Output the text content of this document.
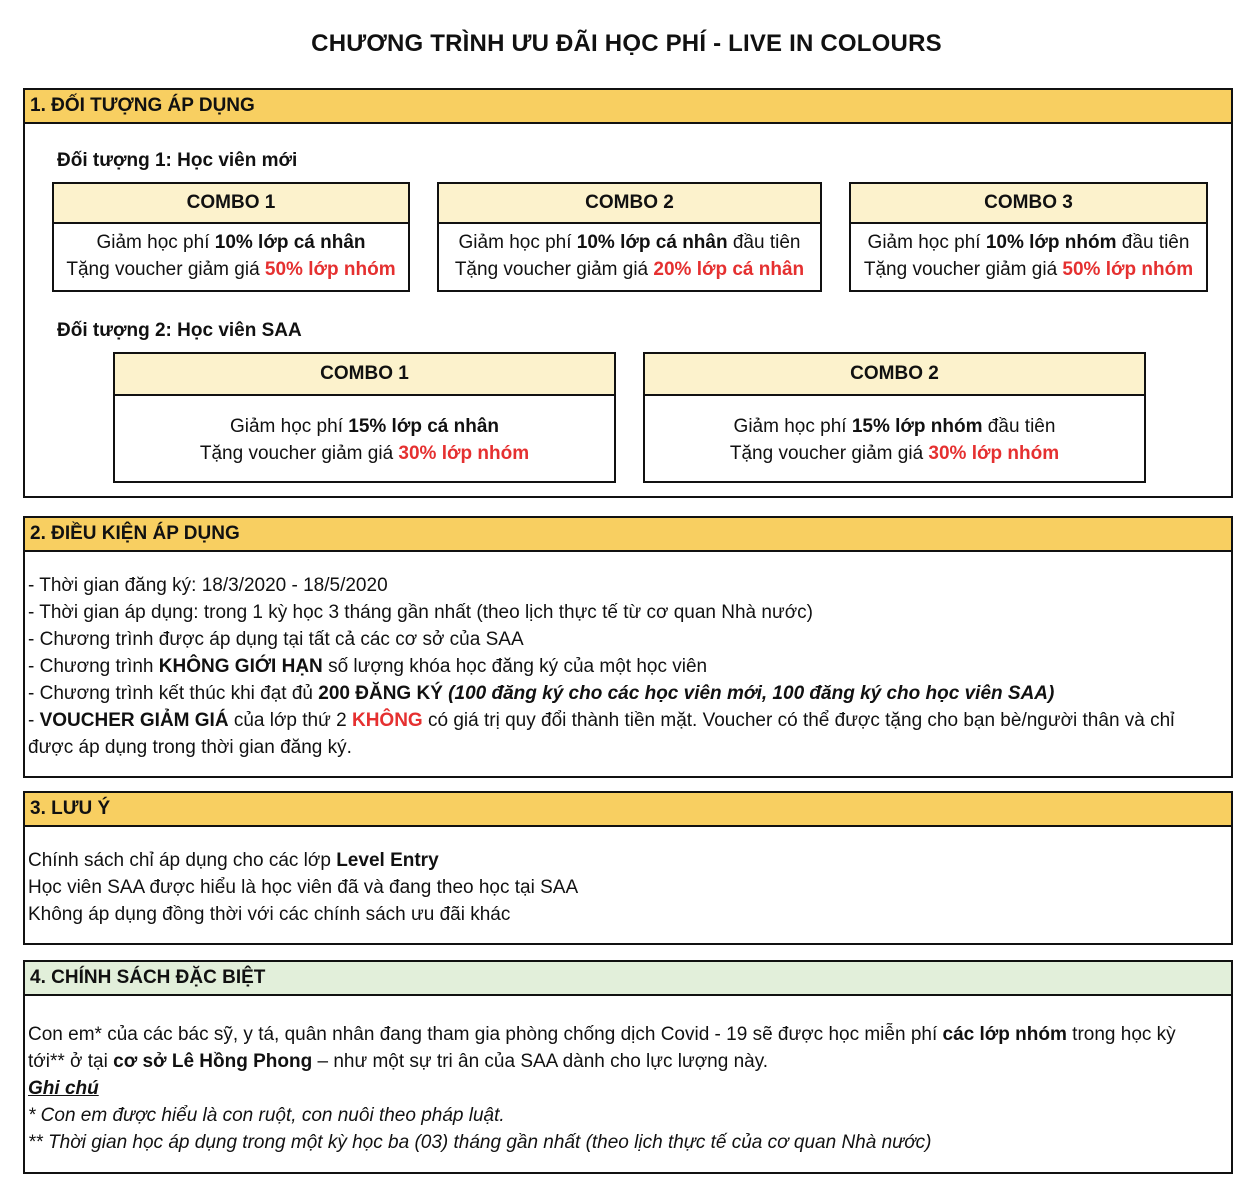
CHƯƠNG TRÌNH ƯU ĐÃI HỌC PHÍ - LIVE IN COLOURS
1. ĐỐI TƯỢNG ÁP DỤNG
Đối tượng 1: Học viên mới
COMBO 1
Giảm học phí 10% lớp cá nhân
Tặng voucher giảm giá 50% lớp nhóm
COMBO 2
Giảm học phí 10% lớp cá nhân đầu tiên
Tặng voucher giảm giá 20% lớp cá nhân
COMBO 3
Giảm học phí 10% lớp nhóm đầu tiên
Tặng voucher giảm giá 50% lớp nhóm
Đối tượng 2: Học viên SAA
COMBO 1
Giảm học phí 15% lớp cá nhân
Tặng voucher giảm giá 30% lớp nhóm
COMBO 2
Giảm học phí 15% lớp nhóm đầu tiên
Tặng voucher giảm giá 30% lớp nhóm
2. ĐIỀU KIỆN ÁP DỤNG
- Thời gian đăng ký: 18/3/2020 - 18/5/2020
- Thời gian áp dụng: trong 1 kỳ học 3 tháng gần nhất (theo lịch thực tế từ cơ quan Nhà nước)
- Chương trình được áp dụng tại tất cả các cơ sở của SAA
- Chương trình KHÔNG GIỚI HẠN số lượng khóa học đăng ký của một học viên
- Chương trình kết thúc khi đạt đủ 200 ĐĂNG KÝ (100 đăng ký cho các học viên mới, 100 đăng ký cho học viên SAA)
- VOUCHER GIẢM GIÁ của lớp thứ 2 KHÔNG có giá trị quy đổi thành tiền mặt. Voucher có thể được tặng cho bạn bè/người thân và chỉ
được áp dụng trong thời gian đăng ký.
3. LƯU Ý
Chính sách chỉ áp dụng cho các lớp Level Entry
Học viên SAA được hiểu là học viên đã và đang theo học tại SAA
Không áp dụng đồng thời với các chính sách ưu đãi khác
4. CHÍNH SÁCH ĐẶC BIỆT
Con em* của các bác sỹ, y tá, quân nhân đang tham gia phòng chống dịch Covid - 19 sẽ được học miễn phí các lớp nhóm trong học kỳ
tới** ở tại cơ sở Lê Hồng Phong – như một sự tri ân của SAA dành cho lực lượng này.
Ghi chú
* Con em được hiểu là con ruột, con nuôi theo pháp luật.
** Thời gian học áp dụng trong một kỳ học ba (03) tháng gần nhất (theo lịch thực tế của cơ quan Nhà nước)
